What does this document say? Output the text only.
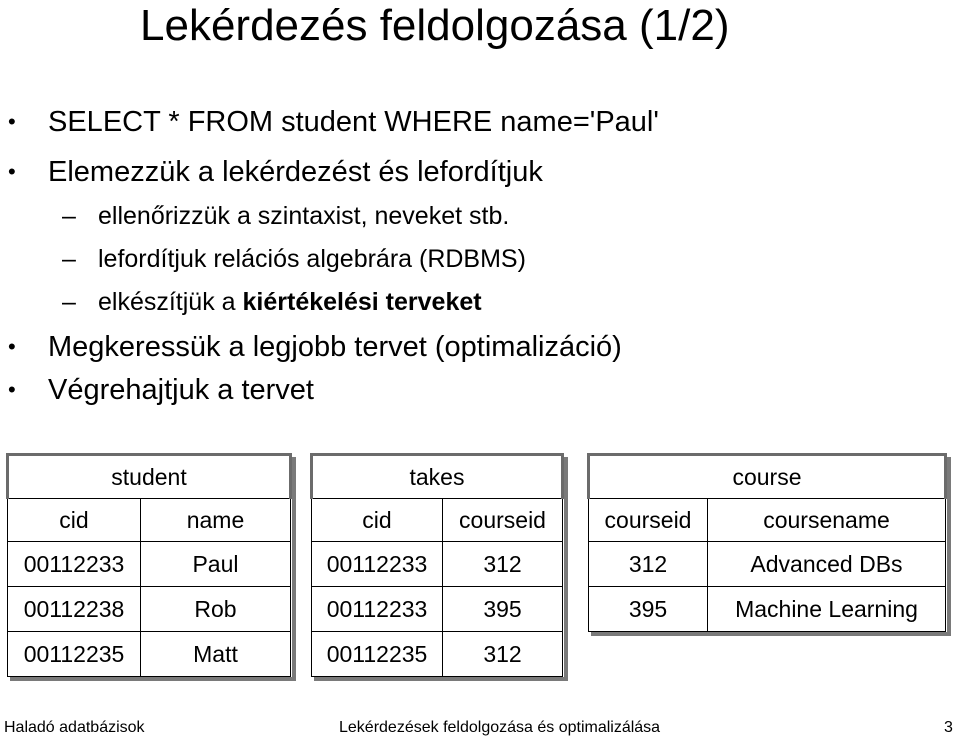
Lekérdezés feldolgozása (1/2)
• SELECT * FROM student WHERE name='Paul'
• Elemezzük a lekérdezést és lefordítjuk
– ellenőrizzük a szintaxist, neveket stb.
– lefordítjuk relációs algebrára (RDBMS)
– elkészítjük a kiértékelési terveket
• Megkeressük a legjobb tervet (optimalizáció)
• Végrehajtjuk a tervet
student	
cid	name
00112233	Paul
00112238	Rob
00112235	Matt
takes	
cid	courseid
00112233	312
00112233	395
00112235	312
course	
courseid	coursename
312	Advanced DBs
395	Machine Learning
Haladó adatbázisok	Lekérdezések feldolgozása és optimalizálása	3
